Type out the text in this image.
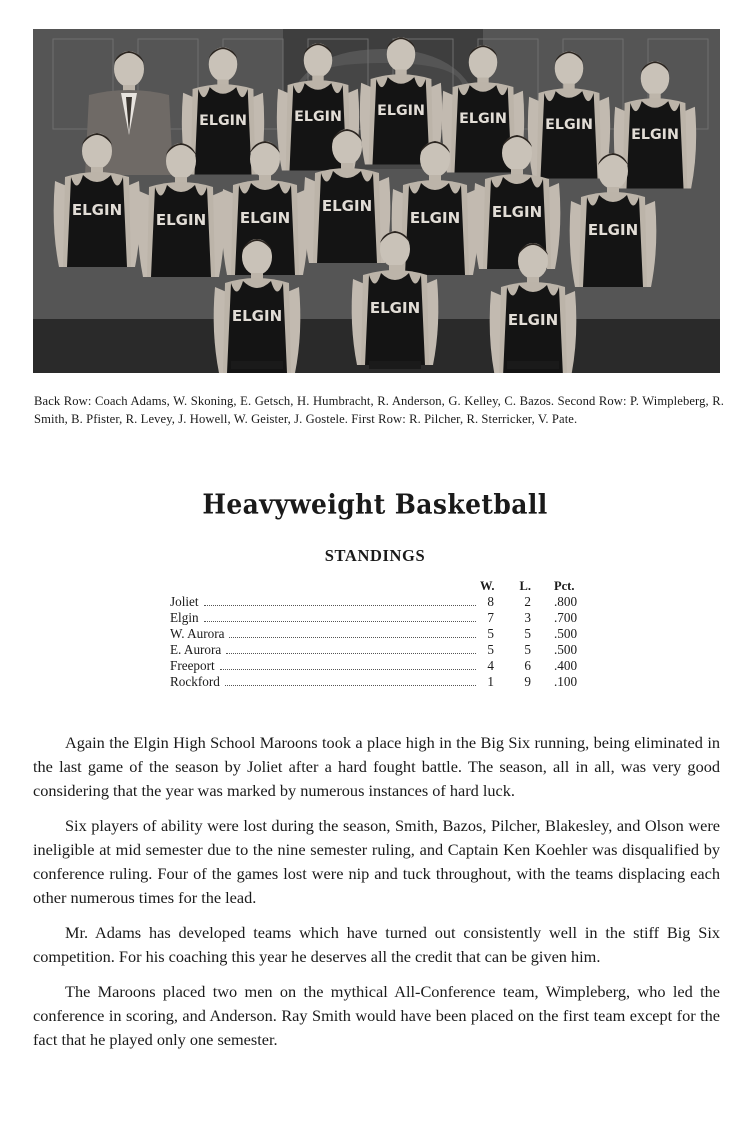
ELGIN	ELGIN ELGIN ELGIN	ELGIN
ELGIN
ELGIN
ELGIN ELGIN
ELGIN
ELGIN ELGIN
ELGIN
ELGIN	ELGIN
ELGIN

Back Row: Coach Adams, W. Skoning, E. Getsch, H. Humbracht, R. Anderson, G. Kelley, C. Bazos. Second Row: P. Wimpleberg, R. Smith, B. Pfister, R. Levey, J. Howell, W. Geister, J. Gostele. First Row: R. Pilcher, R. Sterricker, V. Pate.

Heavyweight Basketball
STANDINGS
W. L. Pct.
Joliet	8	2 .800
Elgin	7	3 .700
W. Aurora	5	5 .500
E. Aurora	5	5 .500
Freeport	4	6 .400
Rockford	1	9 .100

Again the Elgin High School Maroons took a place high in the Big Six running, being eliminated in the last game of the season by Joliet after a hard fought battle. The season, all in all, was very good considering that the year was marked by numerous instances of hard luck.

Six players of ability were lost during the season, Smith, Bazos, Pilcher, Blakesley, and Olson were ineligible at mid semester due to the nine semester ruling, and Captain Ken Koehler was disqualified by conference ruling. Four of the games lost were nip and tuck throughout, with the teams displacing each other numerous times for the lead.

Mr. Adams has developed teams which have turned out consistently well in the stiff Big Six competition. For his coaching this year he deserves all the credit that can be given him.

The Maroons placed two men on the mythical All-Conference team, Wimpleberg, who led the conference in scoring, and Anderson. Ray Smith would have been placed on the first team except for the fact that he played only one semester.
